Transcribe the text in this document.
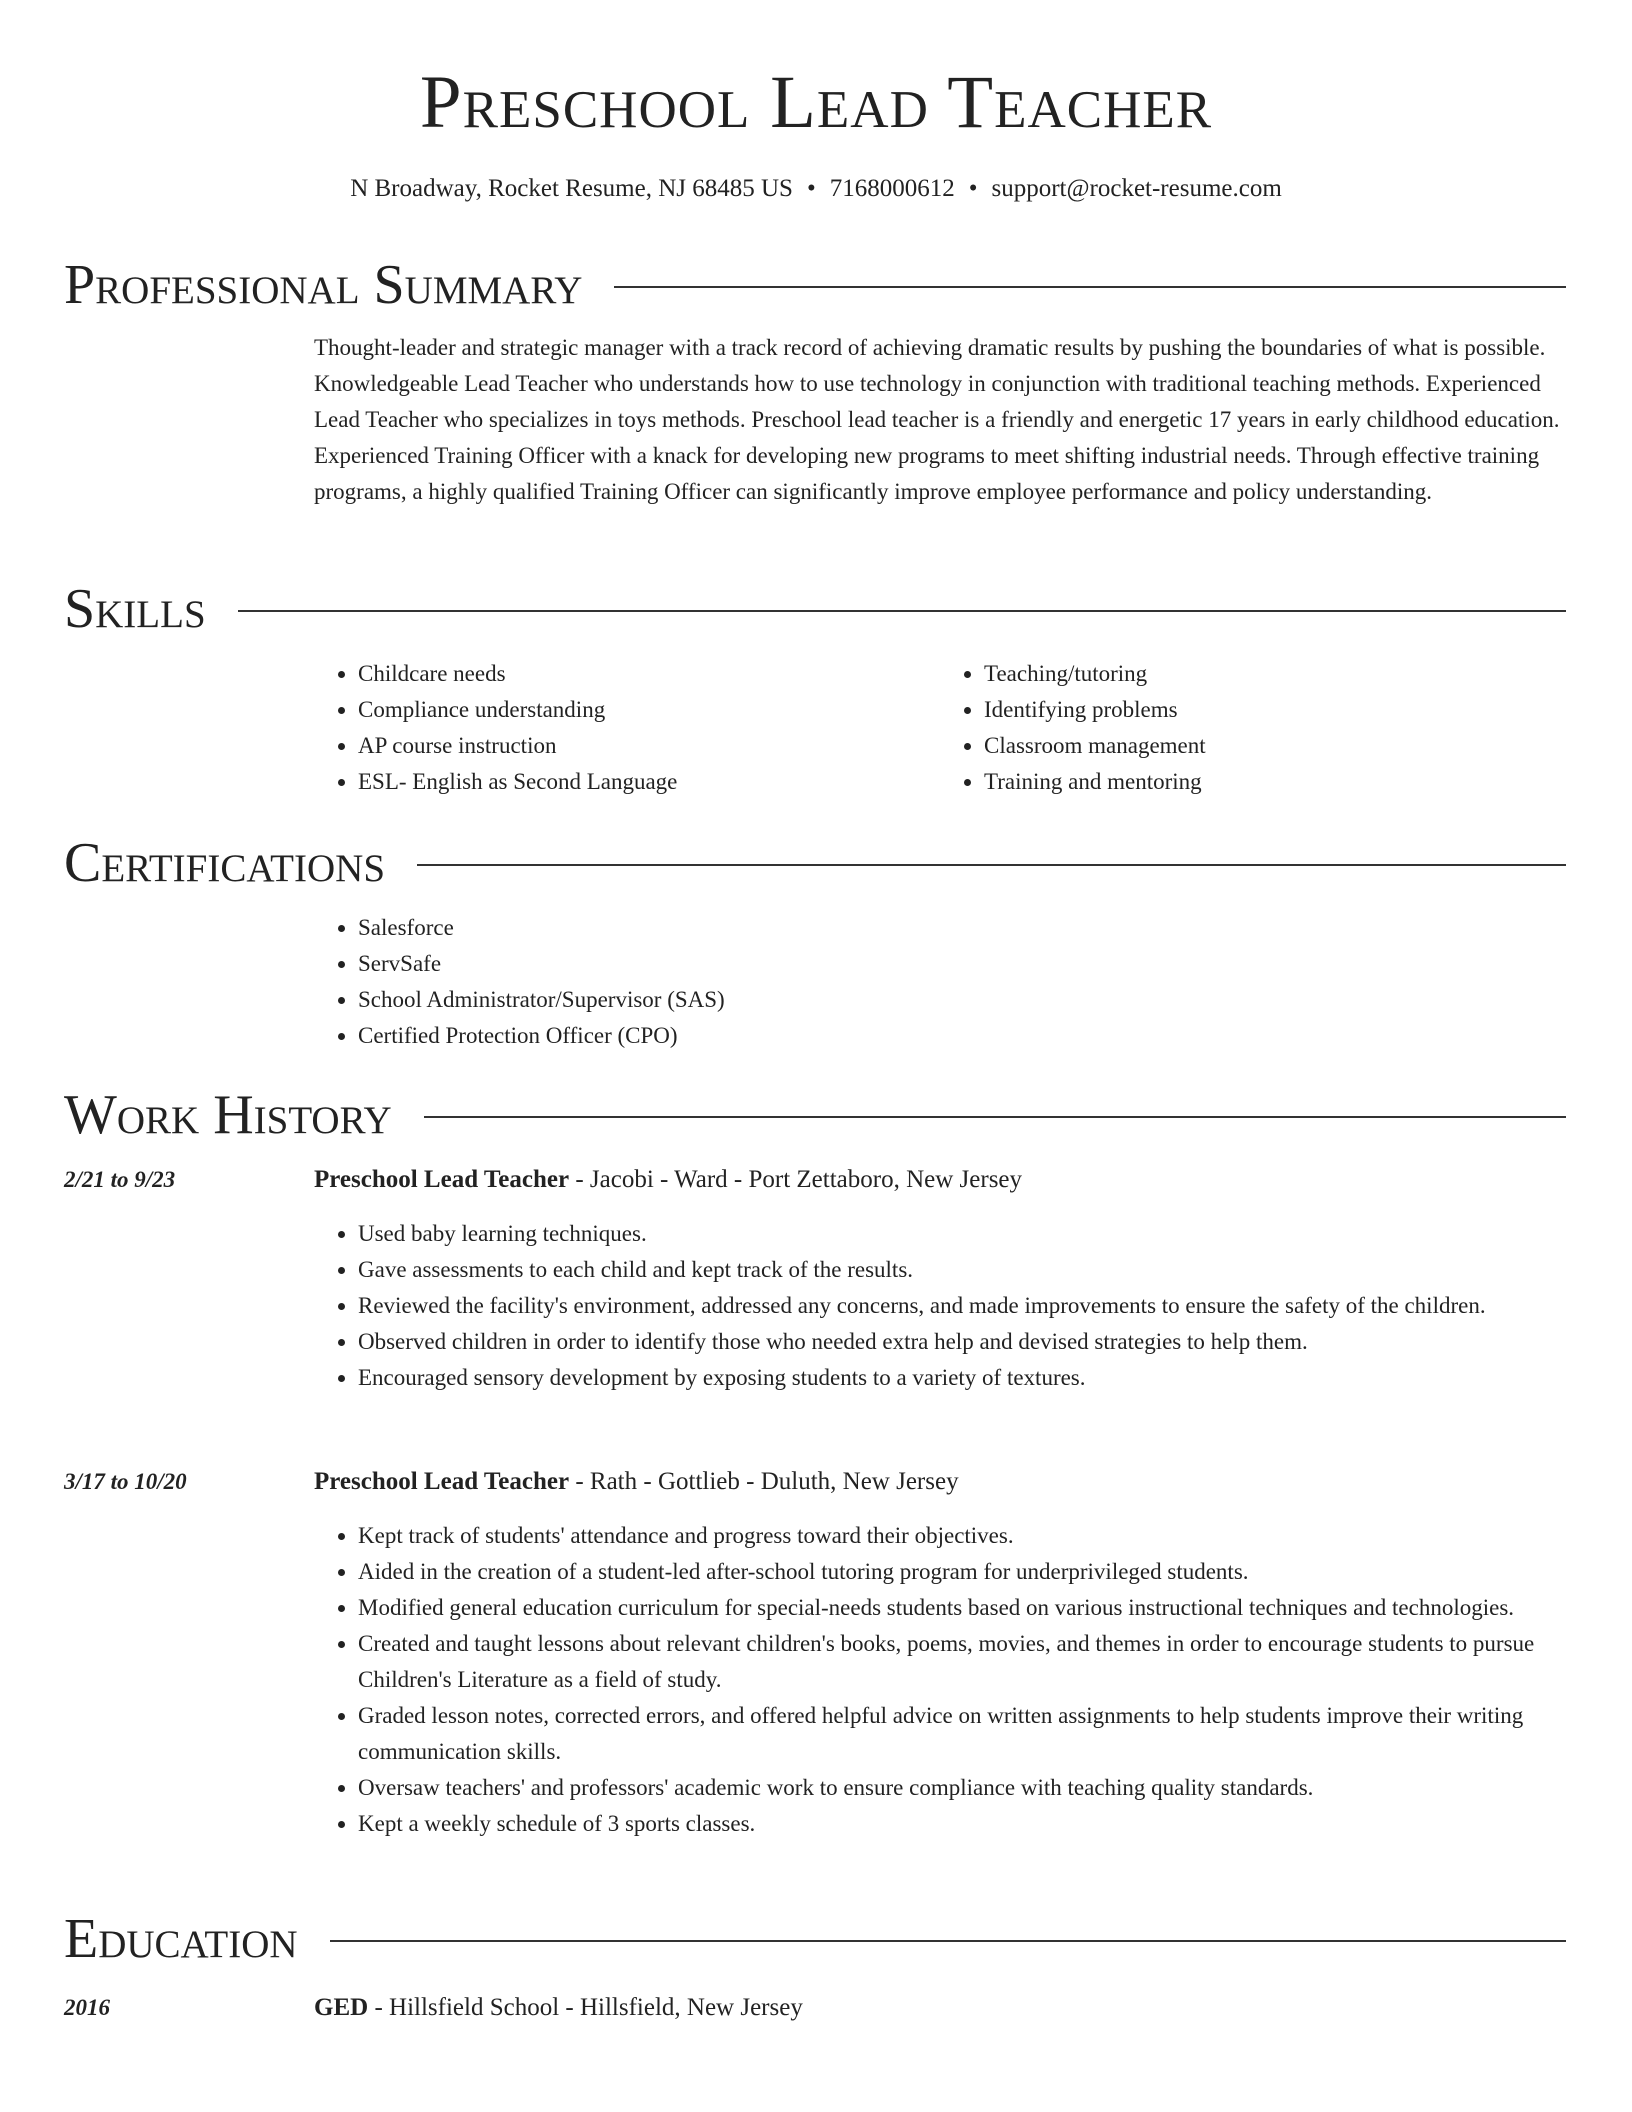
Preschool Lead Teacher
N Broadway, Rocket Resume, NJ 68485 US • 7168000612 • support@rocket-resume.com
Professional Summary

Thought-leader and strategic manager with a track record of achieving dramatic results by pushing the boundaries of what is possible. Knowledgeable Lead Teacher who understands how to use technology in conjunction with traditional teaching methods. Experienced Lead Teacher who specializes in toys methods. Preschool lead teacher is a friendly and energetic 17 years in early childhood education. Experienced Training Officer with a knack for developing new programs to meet shifting industrial needs. Through effective training programs, a highly qualified Training Officer can significantly improve employee performance and policy understanding.

Skills
• Childcare needs
• Compliance understanding
• AP course instruction
• ESL- English as Second Language
• Teaching/tutoring
• Identifying problems
• Classroom management
• Training and mentoring
Certifications
• Salesforce
• ServSafe
• School Administrator/Supervisor (SAS)
• Certified Protection Officer (CPO)
Work History
2/21 to 9/23	Preschool Lead Teacher - Jacobi - Ward - Port Zettaboro, New Jersey
• Used baby learning techniques.
• Gave assessments to each child and kept track of the results.
• Reviewed the facility's environment, addressed any concerns, and made improvements to ensure the safety of the children.
• Observed children in order to identify those who needed extra help and devised strategies to help them.
• Encouraged sensory development by exposing students to a variety of textures.
3/17 to 10/20	Preschool Lead Teacher - Rath - Gottlieb - Duluth, New Jersey
• Kept track of students' attendance and progress toward their objectives.
• Aided in the creation of a student-led after-school tutoring program for underprivileged students.
• Modified general education curriculum for special-needs students based on various instructional techniques and technologies.
• Created and taught lessons about relevant children's books, poems, movies, and themes in order to encourage students to pursue Children's Literature as a field of study.
• Graded lesson notes, corrected errors, and offered helpful advice on written assignments to help students improve their writing communication skills.
• Oversaw teachers' and professors' academic work to ensure compliance with teaching quality standards.
• Kept a weekly schedule of 3 sports classes.
Education
2016	GED - Hillsfield School - Hillsfield, New Jersey
